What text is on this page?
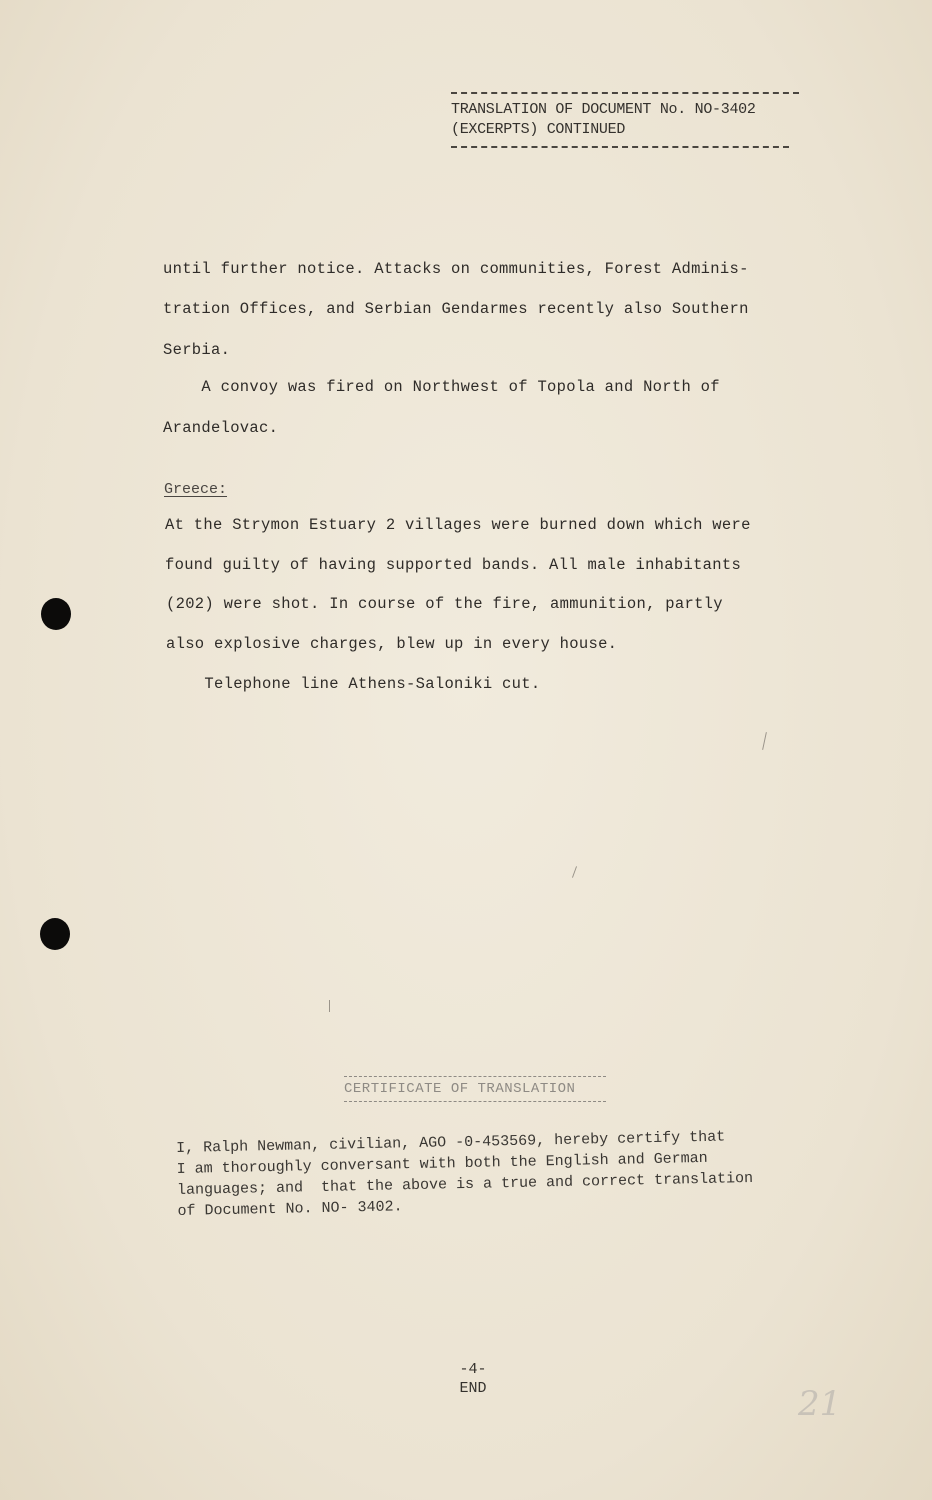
TRANSLATION OF DOCUMENT No. NO-3402
(EXCERPTS) CONTINUED
until further notice. Attacks on communities, Forest Adminis-
tration Offices, and Serbian Gendarmes recently also Southern
Serbia.
A convoy was fired on Northwest of Topola and North of
Arandelovac.
Greece:
At the Strymon Estuary 2 villages were burned down which were
found guilty of having supported bands. All male inhabitants
(202) were shot. In course of the fire, ammunition, partly
also explosive charges, blew up in every house.
Telephone line Athens-Saloniki cut.
CERTIFICATE OF TRANSLATION
I, Ralph Newman, civilian, AGO -0-453569, hereby certify that
I am thoroughly conversant with both the English and German
languages; and  that the above is a true and correct translation
of Document No. NO- 3402.
-4-
END	21
